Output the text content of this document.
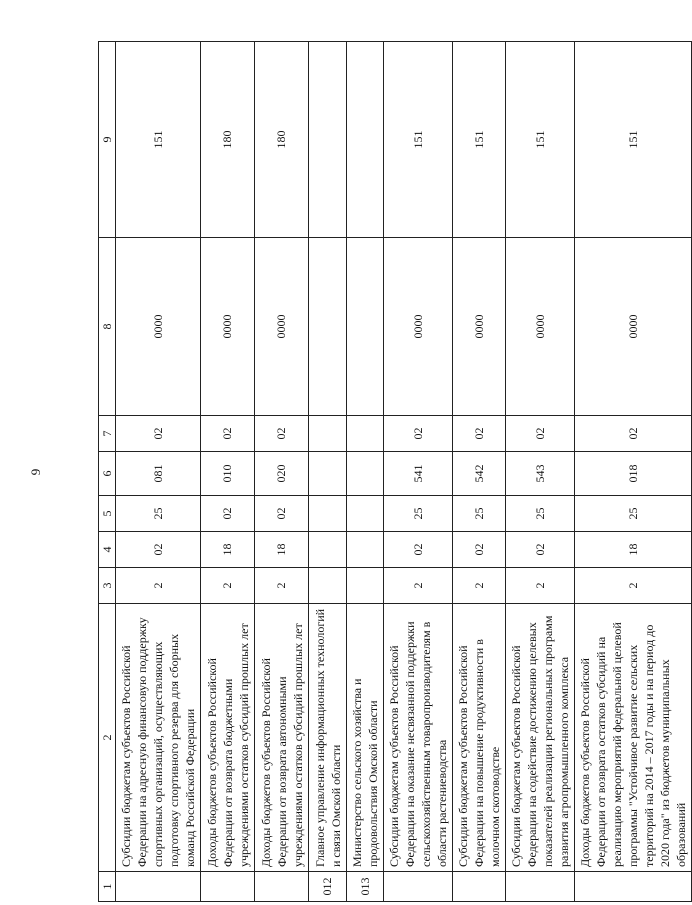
9
1	2	3	4	5	6	7	8	9
	Субсидии бюджетам субъектов Российской Федерации на адресную финансовую поддержку спортивных организаций, осуществляющих подготовку спортивного резерва для сборных команд Российской Федерации	2	02	25	081	02	0000	151
	Доходы бюджетов субъектов Российской Федерации от возврата бюджетными учреждениями остатков субсидий прошлых лет	2	18	02	010	02	0000	180
	Доходы бюджетов субъектов Российской Федерации от возврата автономными учреждениями остатков субсидий прошлых лет	2	18	02	020	02	0000	180
012	Главное управление информационных технологий и связи Омской области							
013	Министерство сельского хозяйства и продовольствия Омской области							
	Субсидии бюджетам субъектов Российской Федерации на оказание несвязанной поддержки сельскохозяйственным товаропроизводителям в области растениеводства	2	02	25	541	02	0000	151
	Субсидии бюджетам субъектов Российской Федерации на повышение продуктивности в молочном скотоводстве	2	02	25	542	02	0000	151
	Субсидии бюджетам субъектов Российской Федерации на содействие достижению целевых показателей реализации региональных программ развития агропромышленного комплекса	2	02	25	543	02	0000	151
	Доходы бюджетов субъектов Российской Федерации от возврата остатков субсидий на реализацию мероприятий федеральной целевой программы "Устойчивое развитие сельских территорий на 2014 – 2017 годы и на период до 2020 года" из бюджетов муниципальных образований	2	18	25	018	02	0000	151
